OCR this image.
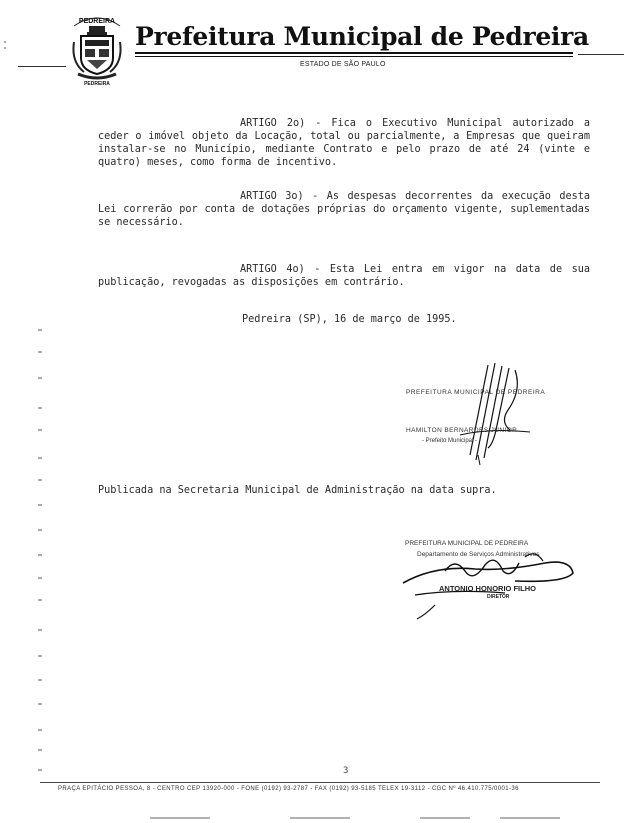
PEDREIRA
PEDREIRA
Prefeitura Municipal de Pedreira
ESTADO DE SÃO PAULO
ARTIGO 2o) - Fica o Executivo Municipal autorizado a ceder o imóvel objeto da Locação, total ou parcialmente, a Empresas que queiram instalar-se no Município, mediante Contrato e pelo prazo de até 24 (vinte e quatro) meses, como forma de incentivo.
ARTIGO 3o) - As despesas decorrentes da execução desta Lei correrão por conta de dotações próprias do orçamento vigente, suplementadas se necessário.
ARTIGO 4o) - Esta Lei entra em vigor na data de sua publicação, revogadas as disposições em contrário.
Pedreira (SP), 16 de março de 1995.
PREFEITURA MUNICIPAL DE PEDREIRA
HAMILTON BERNARDES JUNIOR
- Prefeito Municipal -
Publicada na Secretaria Municipal de Administração na data supra.
PREFEITURA MUNICIPAL DE PEDREIRA
Departamento de Serviços Administrativos
ANTONIO HONORIO FILHO
DIRETOR
3
PRAÇA EPITÁCIO PESSOA, 8 - CENTRO CEP 13920-000 - FONE (0192) 93-2787 - FAX (0192) 93-5185 TELEX 19-3112 - CGC Nº 46.410.775/0001-36
